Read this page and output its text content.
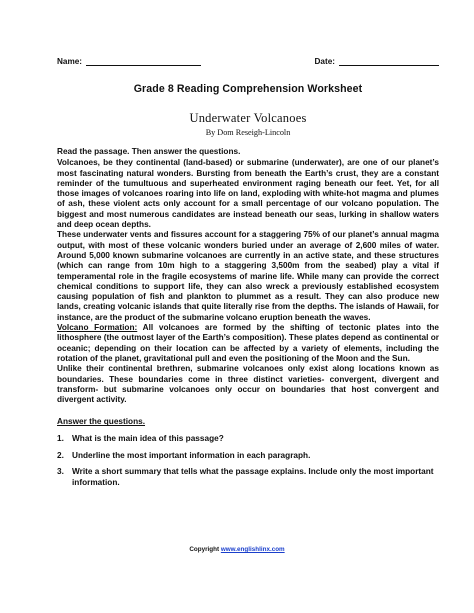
Name:	Date:
Grade 8 Reading Comprehension Worksheet
Underwater Volcanoes
By Dom Reseigh-Lincoln

Read the passage. Then answer the questions.

Volcanoes, be they continental (land-based) or submarine (underwater), are one of our planet’s most fascinating natural wonders. Bursting from beneath the Earth’s crust, they are a constant reminder of the tumultuous and superheated environment raging beneath our feet. Yet, for all those images of volcanoes roaring into life on land, exploding with white-hot magma and plumes of ash, these violent acts only account for a small percentage of our volcano population. The biggest and most numerous candidates are instead beneath our seas, lurking in shallow waters and deep ocean depths.

These underwater vents and fissures account for a staggering 75% of our planet’s annual magma output, with most of these volcanic wonders buried under an average of 2,600 miles of water. Around 5,000 known submarine volcanoes are currently in an active state, and these structures (which can range from 10m high to a staggering 3,500m from the seabed) play a vital if temperamental role in the fragile ecosystems of marine life. While many can provide the correct chemical conditions to support life, they can also wreck a previously established ecosystem causing population of fish and plankton to plummet as a result. They can also produce new lands, creating volcanic islands that quite literally rise from the depths. The islands of Hawaii, for instance, are the product of the submarine volcano eruption beneath the waves.

Volcano Formation: All volcanoes are formed by the shifting of tectonic plates into the lithosphere (the outmost layer of the Earth’s composition). These plates depend as continental or oceanic; depending on their location can be affected by a variety of elements, including the rotation of the planet, gravitational pull and even the positioning of the Moon and the Sun.

Unlike their continental brethren, submarine volcanoes only exist along locations known as boundaries. These boundaries come in three distinct varieties- convergent, divergent and transform- but submarine volcanoes only occur on boundaries that host convergent and divergent activity.

Answer the questions.
1. What is the main idea of this passage?
2. Underline the most important information in each paragraph.
3. Write a short summary that tells what the passage explains. Include only the most important information.
Copyright www.englishlinx.com
